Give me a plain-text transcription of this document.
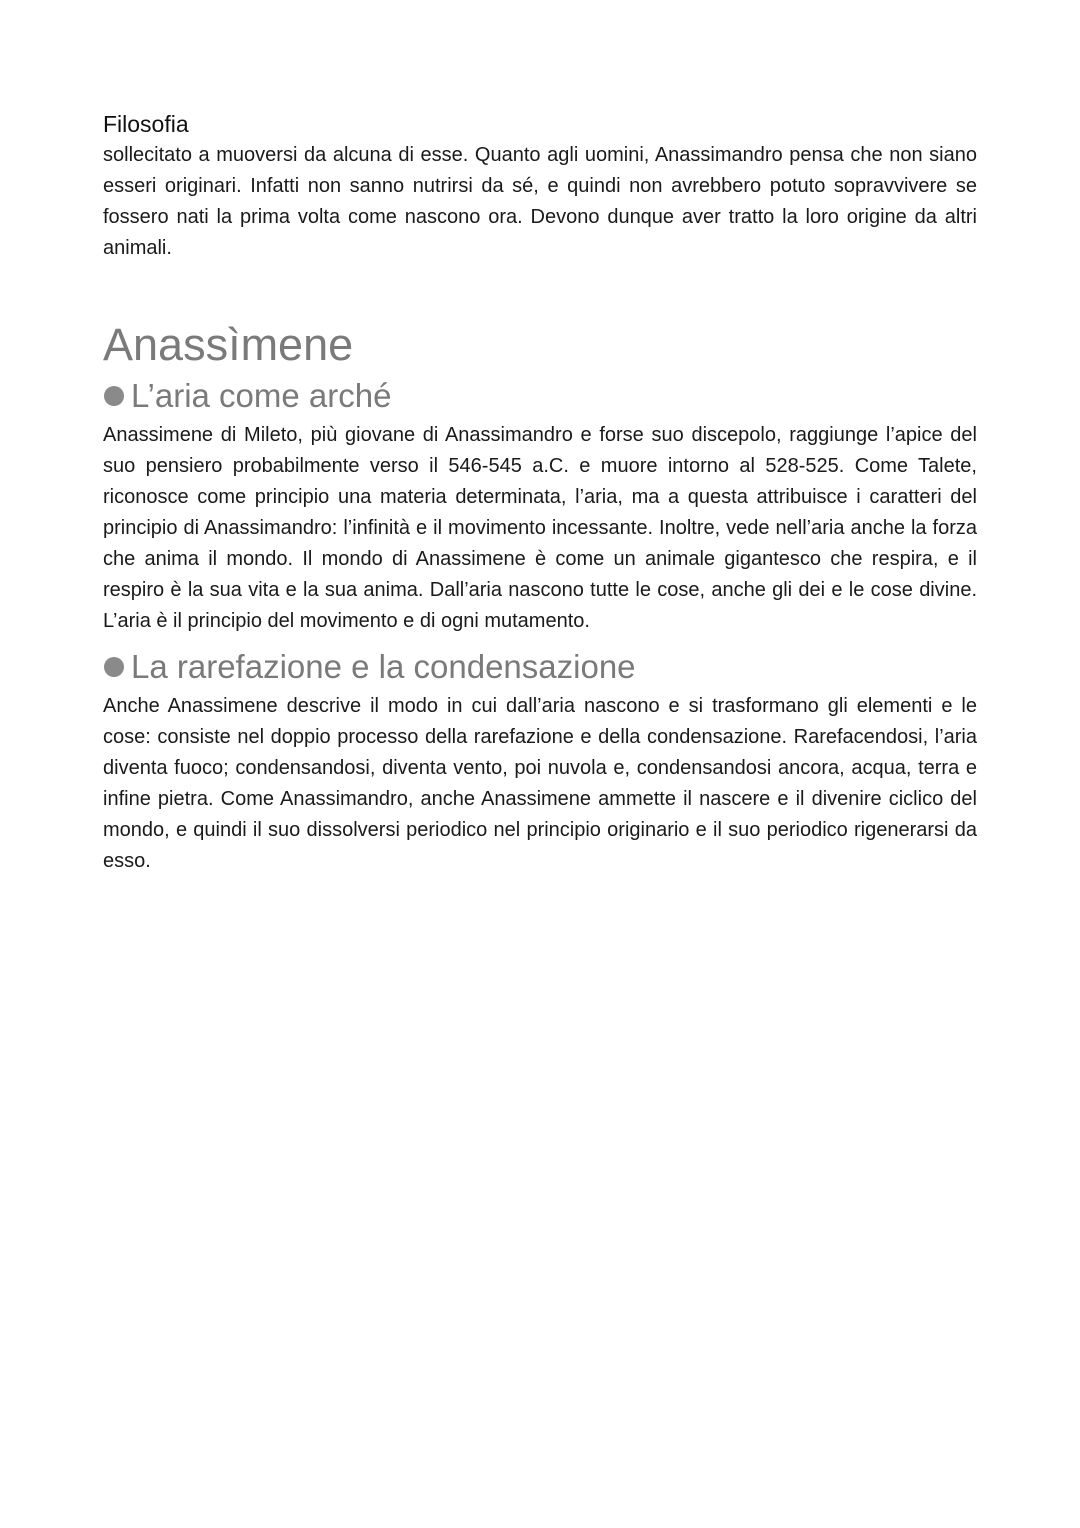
Filosofia

sollecitato a muoversi da alcuna di esse. Quanto agli uomini, Anassimandro pensa che non siano esseri originari. Infatti non sanno nutrirsi da sé, e quindi non avrebbero potuto sopravvivere se fossero nati la prima volta come nascono ora. Devono dunque aver tratto la loro origine da altri animali.

Anassìmene
L’aria come arché

Anassimene di Mileto, più giovane di Anassimandro e forse suo discepolo, raggiunge l’apice del suo pensiero probabilmente verso il 546-545 a.C. e muore intorno al 528-525. Come Talete, riconosce come principio una materia determinata, l’aria, ma a questa attribuisce i caratteri del principio di Anassimandro: l’infinità e il movimento incessante. Inoltre, vede nell’aria anche la forza che anima il mondo. Il mondo di Anassimene è come un animale gigantesco che respira, e il respiro è la sua vita e la sua anima. Dall’aria nascono tutte le cose, anche gli dei e le cose divine. L’aria è il principio del movimento e di ogni mutamento.

La rarefazione e la condensazione

Anche Anassimene descrive il modo in cui dall’aria nascono e si trasformano gli elementi e le cose: consiste nel doppio processo della rarefazione e della condensazione. Rarefacendosi, l’aria diventa fuoco; condensandosi, diventa vento, poi nuvola e, condensandosi ancora, acqua, terra e infine pietra. Come Anassimandro, anche Anassimene ammette il nascere e il divenire ciclico del mondo, e quindi il suo dissolversi periodico nel principio originario e il suo periodico rigenerarsi da esso.
